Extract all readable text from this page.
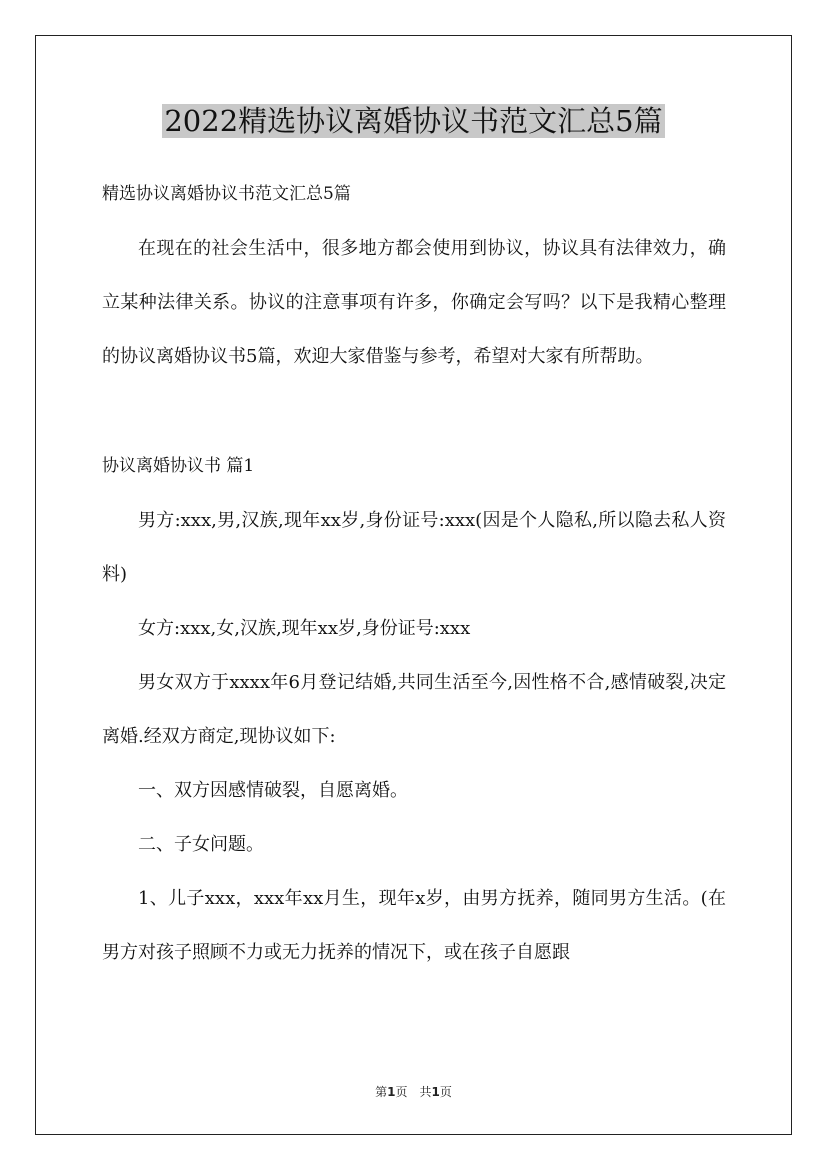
2022精选协议离婚协议书范文汇总5篇

精选协议离婚协议书范文汇总5篇

在现在的社会生活中，很多地方都会使用到协议，协议具有法律效力，确立某种法律关系。协议的注意事项有许多，你确定会写吗？以下是我精心整理的协议离婚协议书5篇，欢迎大家借鉴与参考，希望对大家有所帮助。

协议离婚协议书 篇1

男方:xxx,男,汉族,现年xx岁,身份证号:xxx(因是个人隐私,所以隐去私人资料)

女方:xxx,女,汉族,现年xx岁,身份证号:xxx

男女双方于xxxx年6月登记结婚,共同生活至今,因性格不合,感情破裂,决定离婚.经双方商定,现协议如下:

一、双方因感情破裂，自愿离婚。

二、子女问题。

1、儿子xxx，xxx年xx月生，现年x岁，由男方抚养，随同男方生活。(在男方对孩子照顾不力或无力抚养的情况下，或在孩子自愿跟

第1页　共1页
